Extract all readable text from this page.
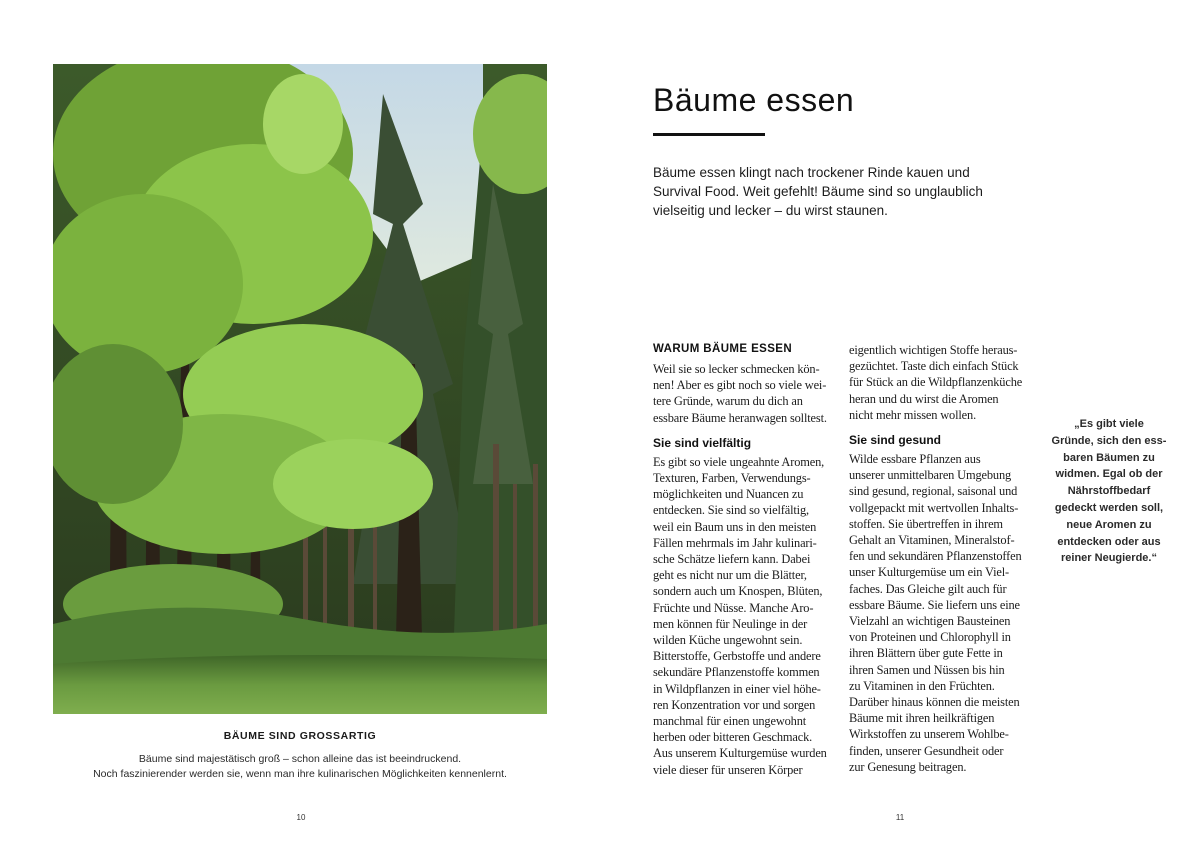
BÄUME SIND GROSSARTIG
Bäume sind majestätisch groß – schon alleine das ist beeindruckend.
Noch faszinierender werden sie, wenn man ihre kulinarischen Möglichkeiten kennenlernt.
10
Bäume essen
Bäume essen klingt nach trockener Rinde kauen und
Survival Food. Weit gefehlt! Bäume sind so unglaublich
vielseitig und lecker – du wirst staunen.
WARUM BÄUME ESSEN
Weil sie so lecker schmecken kön-
nen! Aber es gibt noch so viele wei-
tere Gründe, warum du dich an
essbare Bäume heranwagen solltest.
Sie sind vielfältig
Es gibt so viele ungeahnte Aromen,
Texturen, Farben, Verwendungs-
möglichkeiten und Nuancen zu
entdecken. Sie sind so vielfältig,
weil ein Baum uns in den meisten
Fällen mehrmals im Jahr kulinari-
sche Schätze liefern kann. Dabei
geht es nicht nur um die Blätter,
sondern auch um Knospen, Blüten,
Früchte und Nüsse. Manche Aro-
men können für Neulinge in der
wilden Küche ungewohnt sein.
Bitterstoffe, Gerbstoffe und andere
sekundäre Pflanzenstoffe kommen
in Wildpflanzen in einer viel höhe-
ren Konzentration vor und sorgen
manchmal für einen ungewohnt
herben oder bitteren Geschmack.
Aus unserem Kulturgemüse wurden
viele dieser für unseren Körper
eigentlich wichtigen Stoffe heraus-
gezüchtet. Taste dich einfach Stück
für Stück an die Wildpflanzenküche
heran und du wirst die Aromen
nicht mehr missen wollen.
Sie sind gesund
Wilde essbare Pflanzen aus
unserer unmittelbaren Umgebung
sind gesund, regional, saisonal und
vollgepackt mit wertvollen Inhalts-
stoffen. Sie übertreffen in ihrem
Gehalt an Vitaminen, Mineralstof-
fen und sekundären Pflanzenstoffen
unser Kulturgemüse um ein Viel-
faches. Das Gleiche gilt auch für
essbare Bäume. Sie liefern uns eine
Vielzahl an wichtigen Bausteinen
von Proteinen und Chlorophyll in
ihren Blättern über gute Fette in
ihren Samen und Nüssen bis hin
zu Vitaminen in den Früchten.
Darüber hinaus können die meisten
Bäume mit ihren heilkräftigen
Wirkstoffen zu unserem Wohlbe-
finden, unserer Gesundheit oder
zur Genesung beitragen.
„Es gibt viele
Gründe, sich den ess-
baren Bäumen zu
widmen. Egal ob der
Nährstoffbedarf
gedeckt werden soll,
neue Aromen zu
entdecken oder aus
reiner Neugierde.“
11
